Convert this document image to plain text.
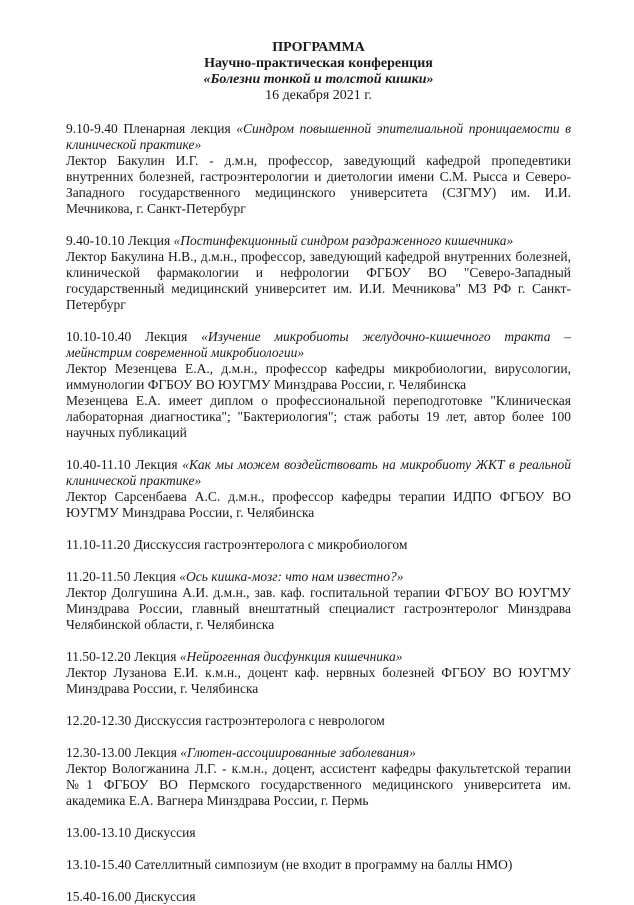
ПРОГРАММА

Научно-практическая конференция

«Болезни тонкой и толстой кишки»

16 декабря 2021 г.

9.10-9.40 Пленарная лекция «Синдром повышенной эпителиальной проницаемости в клинической практике»

Лектор Бакулин И.Г. - д.м.н, профессор, заведующий кафедрой пропедевтики внутренних болезней, гастроэнтерологии и диетологии имени С.М. Рысса и Северо-Западного государственного медицинского университета (СЗГМУ) им. И.И. Мечникова, г. Санкт-Петербург

9.40-10.10 Лекция «Постинфекционный синдром раздраженного кишечника»

Лектор Бакулина Н.В., д.м.н., профессор, заведующий кафедрой внутренних болезней, клинической фармакологии и нефрологии ФГБОУ ВО "Северо-Западный государственный медицинский университет им. И.И. Мечникова" МЗ РФ г. Санкт-Петербург

10.10-10.40 Лекция «Изучение микробиоты желудочно-кишечного тракта – мейнстрим современной микробиологии»

Лектор Мезенцева Е.А., д.м.н., профессор кафедры микробиологии, вирусологии, иммунологии ФГБОУ ВО ЮУГМУ Минздрава России, г. Челябинска

Мезенцева Е.А. имеет диплом о профессиональной переподготовке "Клиническая лабораторная диагностика"; "Бактериология"; стаж работы 19 лет, автор более 100 научных публикаций

10.40-11.10 Лекция «Как мы можем воздействовать на микробиоту ЖКТ в реальной клинической практике»

Лектор Сарсенбаева А.С. д.м.н., профессор кафедры терапии ИДПО ФГБОУ ВО ЮУГМУ Минздрава России, г. Челябинска

11.10-11.20 Дисскуссия гастроэнтеролога с микробиологом

11.20-11.50 Лекция «Ось кишка-мозг: что нам известно?»

Лектор Долгушина А.И. д.м.н., зав. каф. госпитальной терапии ФГБОУ ВО ЮУГМУ Минздрава России, главный внештатный специалист гастроэнтеролог Минздрава Челябинской области, г. Челябинска

11.50-12.20 Лекция «Нейрогенная дисфункция кишечника»

Лектор Лузанова Е.И. к.м.н., доцент каф. нервных болезней ФГБОУ ВО ЮУГМУ Минздрава России, г. Челябинска

12.20-12.30 Дисскуссия гастроэнтеролога с неврологом

12.30-13.00 Лекция «Глютен-ассоциированные заболевания»

Лектор Вологжанина Л.Г. - к.м.н., доцент, ассистент кафедры факультетской терапии №1 ФГБОУ ВО Пермского государственного медицинского университета им. академика Е.А. Вагнера Минздрава России, г. Пермь

13.00-13.10 Дискуссия

13.10-15.40 Сателлитный симпозиум (не входит в программу на баллы НМО)

15.40-16.00 Дискуссия
